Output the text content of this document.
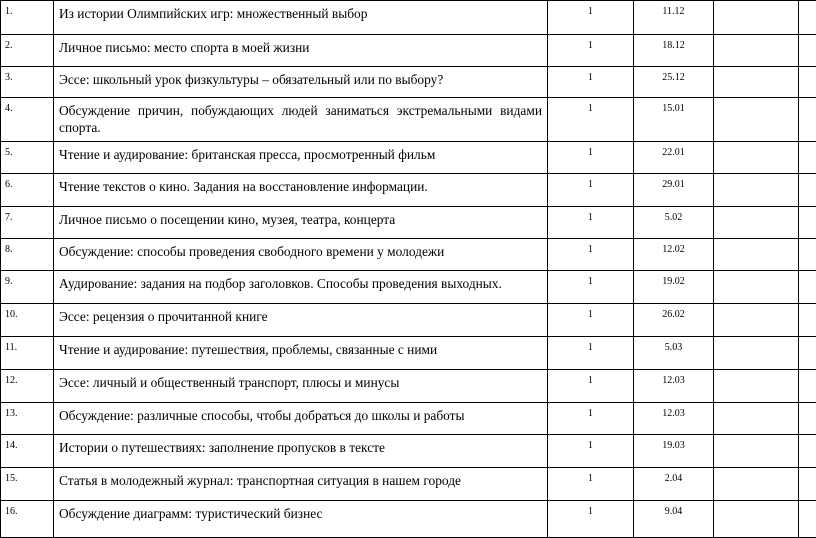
1.	Из истории Олимпийских игр: множественный выбор	1	11.12		

2.	Личное письмо: место спорта в моей жизни	1	18.12		

3.	Эссе: школьный урок физкультуры – обязательный или по выбору?	1	25.12		

4.	Обсуждение причин, побуждающих людей заниматься экстремальными видами спорта.	1	15.01		

5.	Чтение и аудирование: британская пресса, просмотренный фильм	1	22.01		

6.	Чтение текстов о кино. Задания на восстановление информации.	1	29.01		

7.	Личное письмо о посещении кино, музея, театра, концерта	1	5.02		

8.	Обсуждение: способы проведения свободного времени у молодежи	1	12.02		

9.	Аудирование: задания на подбор заголовков. Способы проведения выходных.	1	19.02		

10.	Эссе: рецензия о прочитанной книге	1	26.02		

11.	Чтение и аудирование: путешествия, проблемы, связанные с ними	1	5.03		

12.	Эссе: личный и общественный транспорт, плюсы и минусы	1	12.03		

13.	Обсуждение: различные способы, чтобы добраться до школы и работы	1	12.03		

14.	Истории о путешествиях: заполнение пропусков в тексте	1	19.03		

15.	Статья в молодежный журнал: транспортная ситуация в нашем городе	1	2.04		

16.	Обсуждение диаграмм: туристический бизнес	1	9.04		
